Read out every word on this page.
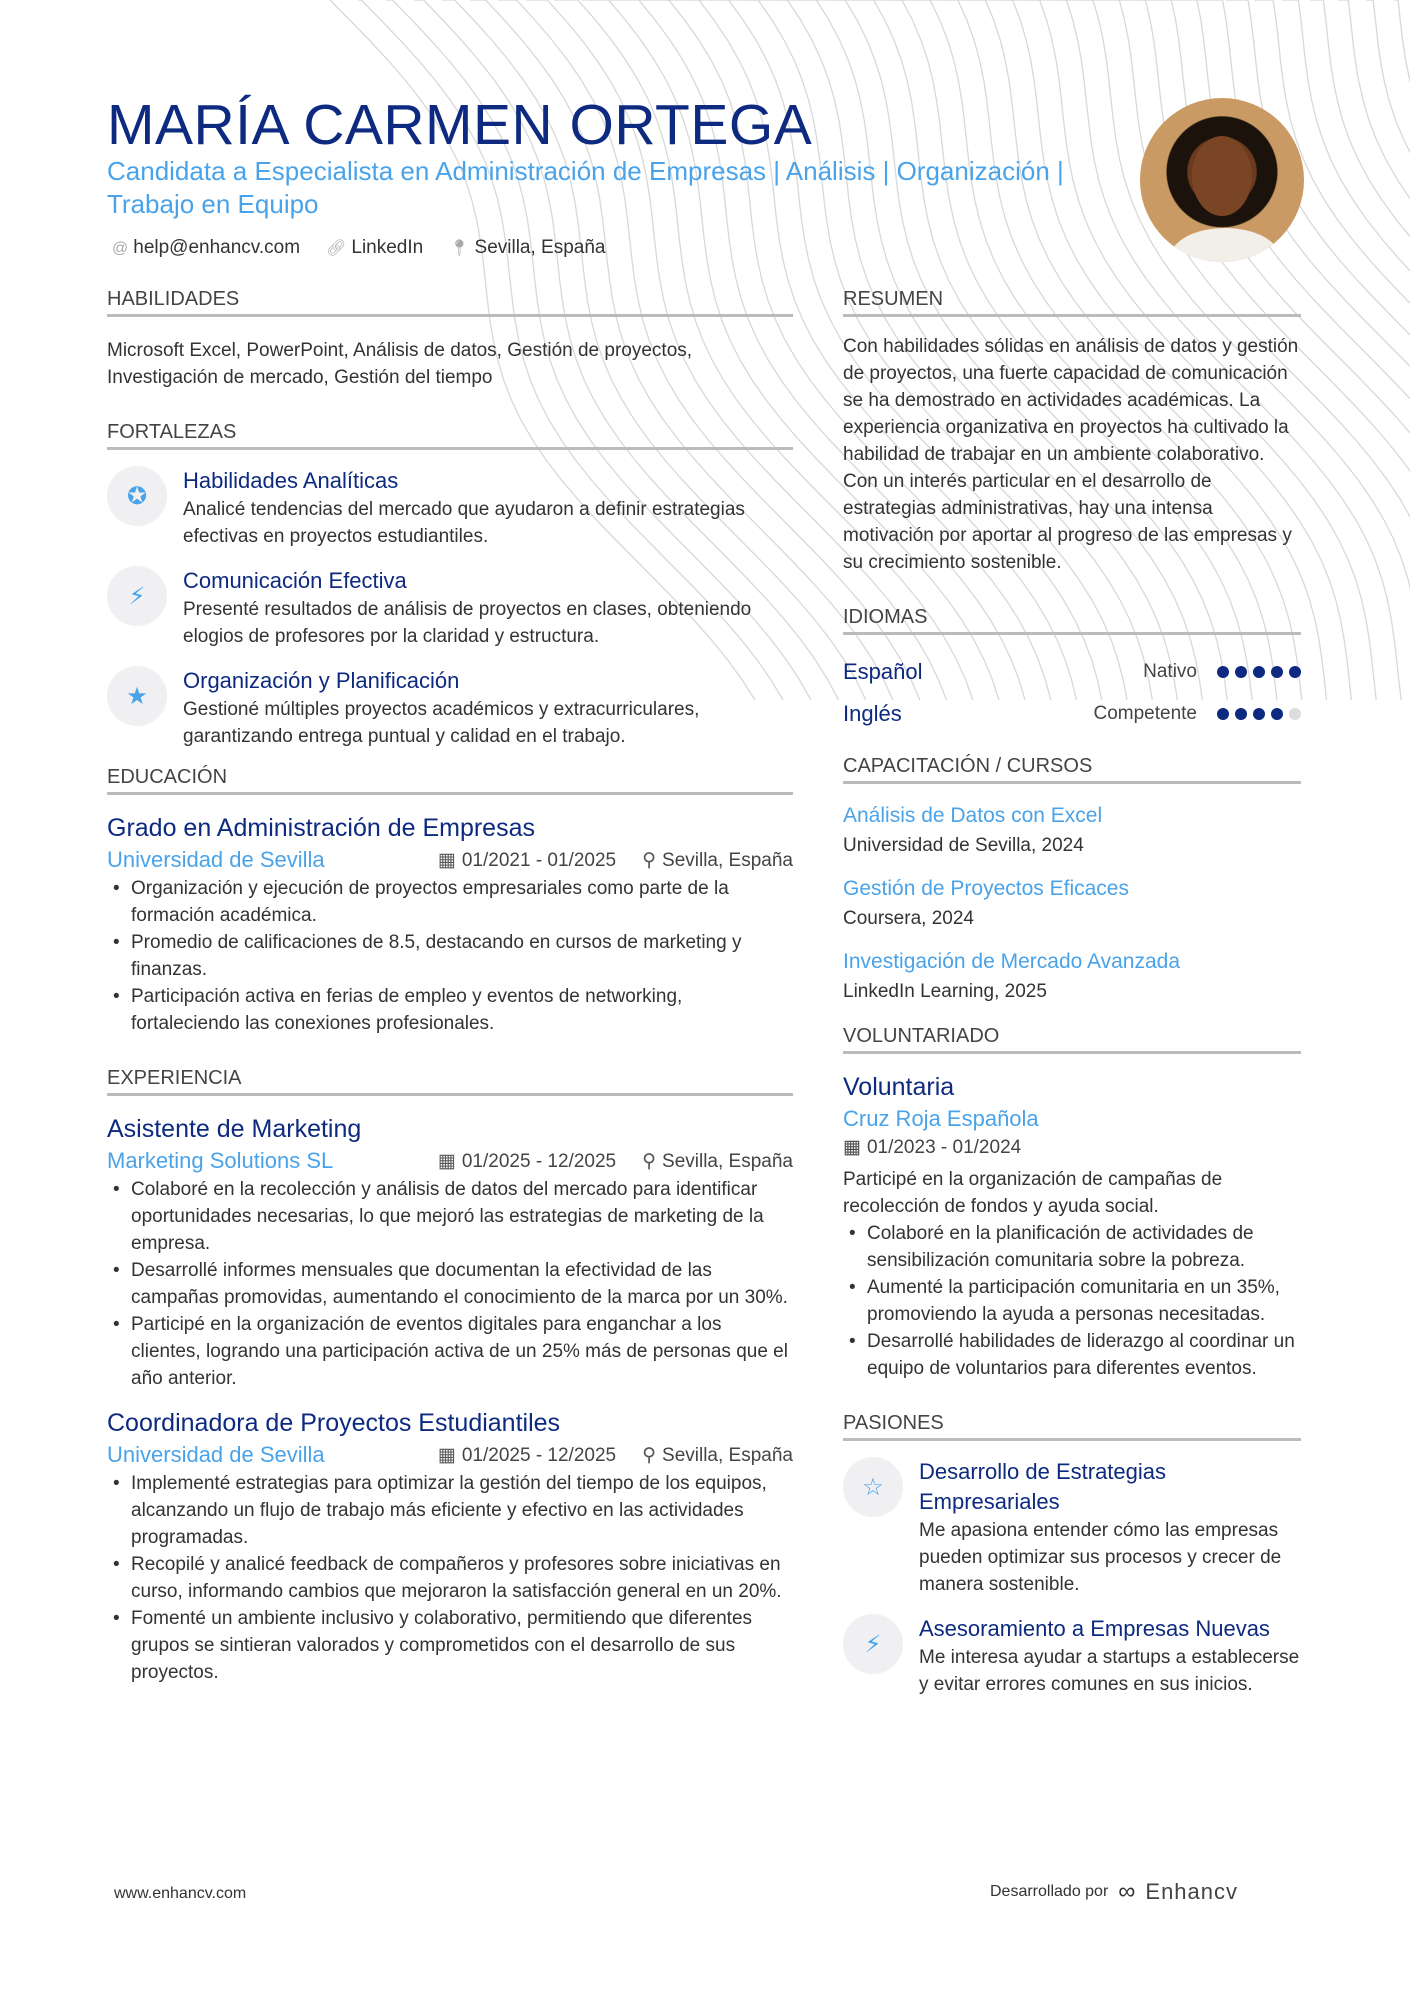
MARÍA CARMEN ORTEGA
Candidata a Especialista en Administración de Empresas | Análisis | Organización | Trabajo en Equipo
@ help@enhancv.com 🔗︎ LinkedIn 📍︎ Sevilla, España
HABILIDADES
Microsoft Excel, PowerPoint, Análisis de datos, Gestión de proyectos, Investigación de mercado, Gestión del tiempo
FORTALEZAS
✪
Habilidades Analíticas
Analicé tendencias del mercado que ayudaron a definir estrategias efectivas en proyectos estudiantiles.
⚡︎
Comunicación Efectiva
Presenté resultados de análisis de proyectos en clases, obteniendo elogios de profesores por la claridad y estructura.
★
Organización y Planificación
Gestioné múltiples proyectos académicos y extracurriculares, garantizando entrega puntual y calidad en el trabajo.
EDUCACIÓN
Grado en Administración de Empresas
Universidad de Sevilla	▦ 01/2021 - 01/2025 ⚲ Sevilla, España
• Organización y ejecución de proyectos empresariales como parte de la formación académica.
• Promedio de calificaciones de 8.5, destacando en cursos de marketing y finanzas.
• Participación activa en ferias de empleo y eventos de networking, fortaleciendo las conexiones profesionales.
EXPERIENCIA
Asistente de Marketing
Marketing Solutions SL	▦ 01/2025 - 12/2025 ⚲ Sevilla, España
• Colaboré en la recolección y análisis de datos del mercado para identificar oportunidades necesarias, lo que mejoró las estrategias de marketing de la empresa.
• Desarrollé informes mensuales que documentan la efectividad de las campañas promovidas, aumentando el conocimiento de la marca por un 30%.
• Participé en la organización de eventos digitales para enganchar a los clientes, logrando una participación activa de un 25% más de personas que el año anterior.
Coordinadora de Proyectos Estudiantiles
Universidad de Sevilla	▦ 01/2025 - 12/2025 ⚲ Sevilla, España
• Implementé estrategias para optimizar la gestión del tiempo de los equipos, alcanzando un flujo de trabajo más eficiente y efectivo en las actividades programadas.
• Recopilé y analicé feedback de compañeros y profesores sobre iniciativas en curso, informando cambios que mejoraron la satisfacción general en un 20%.
• Fomenté un ambiente inclusivo y colaborativo, permitiendo que diferentes grupos se sintieran valorados y comprometidos con el desarrollo de sus proyectos.
RESUMEN
Con habilidades sólidas en análisis de datos y gestión de proyectos, una fuerte capacidad de comunicación se ha demostrado en actividades académicas. La experiencia organizativa en proyectos ha cultivado la habilidad de trabajar en un ambiente colaborativo. Con un interés particular en el desarrollo de estrategias administrativas, hay una intensa motivación por aportar al progreso de las empresas y su crecimiento sostenible.
IDIOMAS
Español	Nativo
Inglés	Competente
CAPACITACIÓN / CURSOS
Análisis de Datos con Excel
Universidad de Sevilla, 2024
Gestión de Proyectos Eficaces
Coursera, 2024
Investigación de Mercado Avanzada
LinkedIn Learning, 2025
VOLUNTARIADO
Voluntaria
Cruz Roja Española
▦ 01/2023 - 01/2024
Participé en la organización de campañas de recolección de fondos y ayuda social.
• Colaboré en la planificación de actividades de sensibilización comunitaria sobre la pobreza.
• Aumenté la participación comunitaria en un 35%, promoviendo la ayuda a personas necesitadas.
• Desarrollé habilidades de liderazgo al coordinar un equipo de voluntarios para diferentes eventos.
PASIONES
☆
Desarrollo de Estrategias Empresariales
Me apasiona entender cómo las empresas pueden optimizar sus procesos y crecer de manera sostenible.
⚡︎
Asesoramiento a Empresas Nuevas
Me interesa ayudar a startups a establecerse y evitar errores comunes en sus inicios.
www.enhancv.com	Desarrollado por ∞ Enhancv
